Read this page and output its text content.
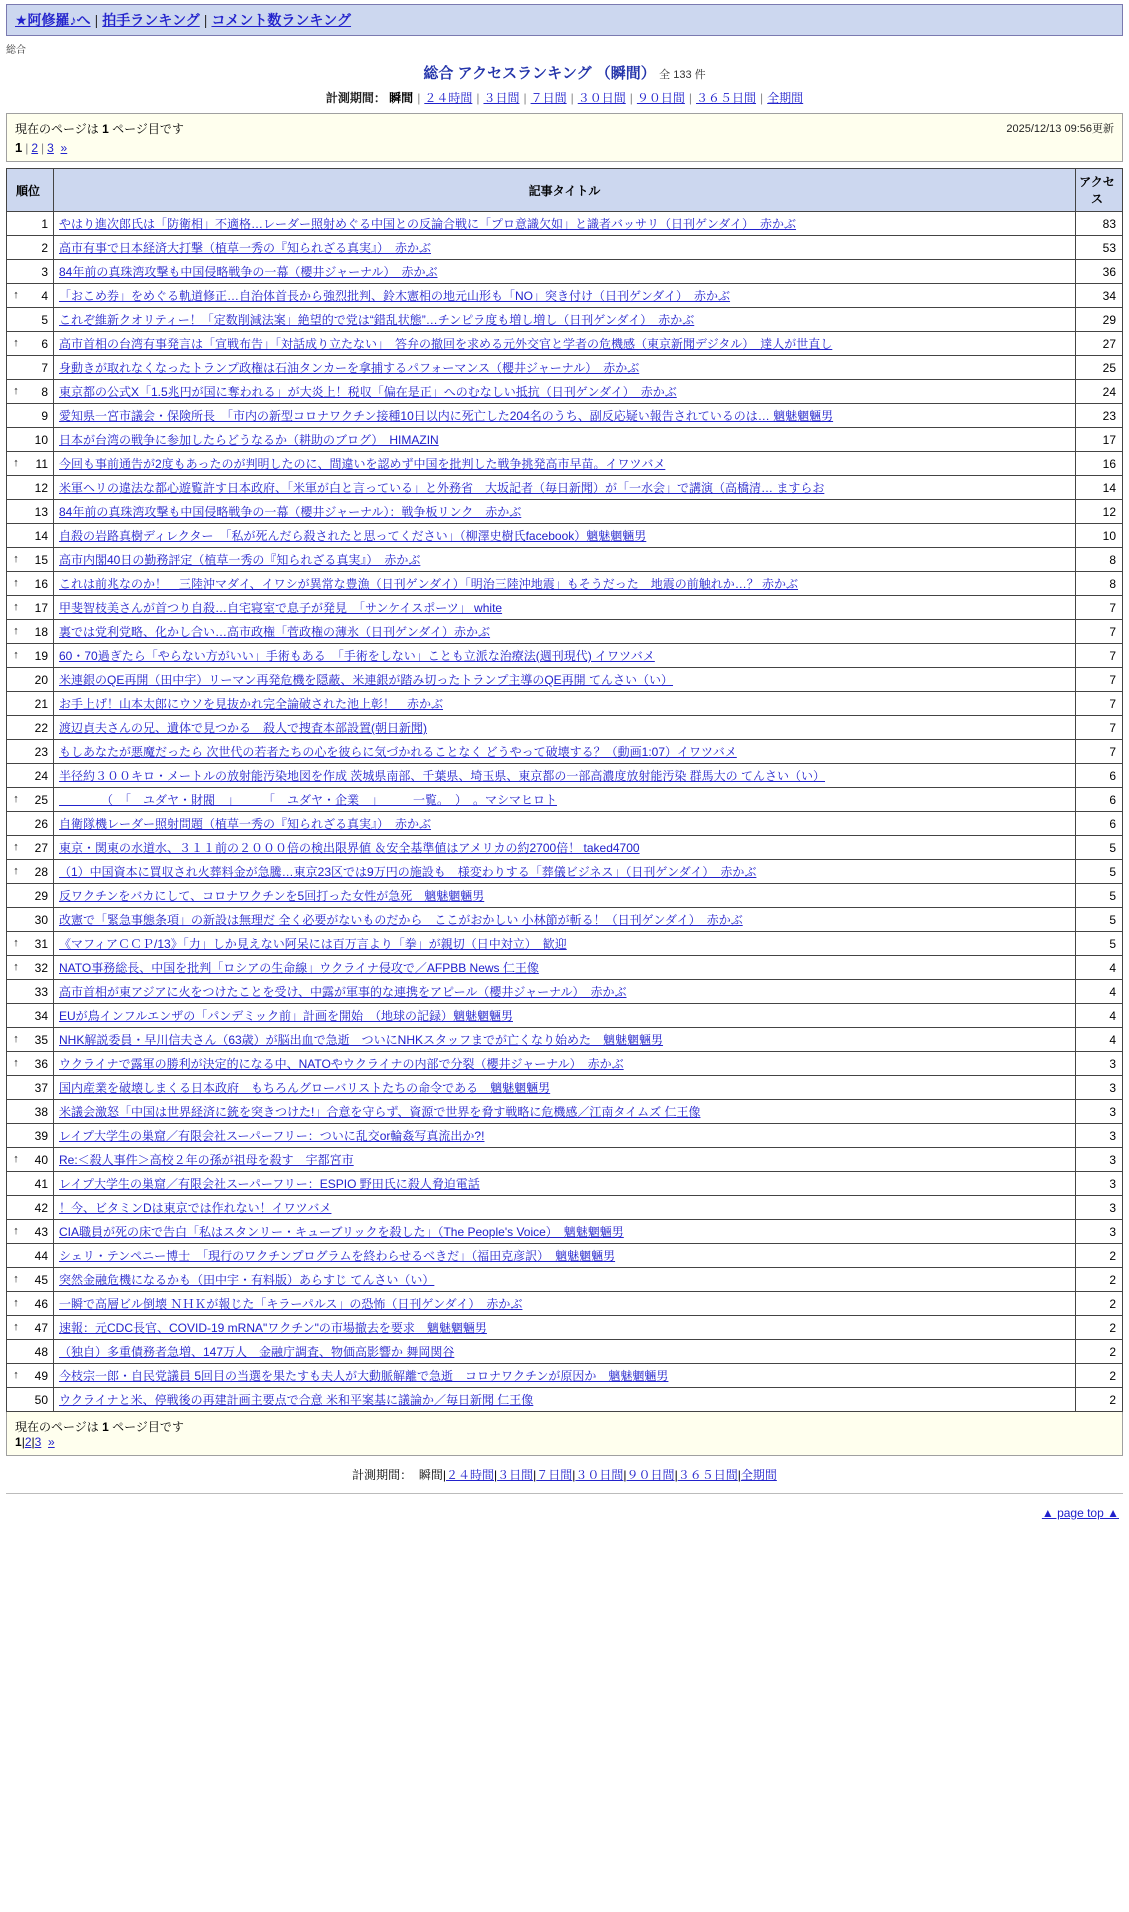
★阿修羅♪へ | 拍手ランキング | コメント数ランキング
総合
総合 アクセスランキング （瞬間） 全 133 件
計測期間： 瞬間 | ２４時間 | ３日間 | ７日間 | ３０日間 | ９０日間 | ３６５日間 | 全期間
2025/12/13 09:56更新
現在のページは 1 ページ目です
1 | 2 | 3 »
順位	記事タイトル	アクセス

1	やはり進次郎氏は「防衛相」不適格…レーダー照射めぐる中国との反論合戦に「プロ意識欠如」と識者バッサリ（日刊ゲンダイ）　赤かぶ	83

2	高市有事で日本経済大打撃（植草一秀の『知られざる真実』）　赤かぶ	53

3	84年前の真珠湾攻撃も中国侵略戦争の一幕（櫻井ジャーナル）　赤かぶ	36

↑ 4	「おこめ券」をめぐる軌道修正…自治体首長から強烈批判、鈴木憲相の地元山形も「NO」突き付け（日刊ゲンダイ）　赤かぶ	34

5	これぞ維新クオリティー！「定数削減法案」絶望的で党は“錯乱状態”…チンピラ度も増し増し（日刊ゲンダイ）　赤かぶ	29

↑ 6	高市首相の台湾有事発言は「宣戦布告」「対話成り立たない」　答弁の撤回を求める元外交官と学者の危機感（東京新聞デジタル）　達人が世直し	27

7	身動きが取れなくなったトランプ政権は石油タンカーを拿捕するパフォーマンス（櫻井ジャーナル）　赤かぶ	25

↑ 8	東京都の公式X「1.5兆円が国に奪われる」が大炎上！税収「偏在是正」へのむなしい抵抗（日刊ゲンダイ）　赤かぶ	24

9	愛知県一宮市議会・保険所長　「市内の新型コロナワクチン接種10日以内に死亡した204名のうち、副反応疑い報告されているのは… 魑魅魍魎男	23

10	日本が台湾の戦争に参加したらどうなるか（耕助のブログ）　HIMAZIN	17

↑ 11	今回も事前通告が2度もあったのが判明したのに、間違いを認めず中国を批判した戦争挑発高市早苗。イワツバメ	16

12	米軍ヘリの違法な都心遊覧許す日本政府、「米軍が白と言っている」と外務省　大坂記者（毎日新聞）が「一水会」で講演（高橋清… ますらお	14

13	84年前の真珠湾攻撃も中国侵略戦争の一幕（櫻井ジャーナル）：戦争板リンク　赤かぶ	12

14	自殺の岩路真樹ディレクター　「私が死んだら殺されたと思ってください」（柳澤史樹氏facebook）魑魅魍魎男	10

↑ 15	高市内閣40日の勤務評定（植草一秀の『知られざる真実』）　赤かぶ	8

↑ 16	これは前兆なのか！　三陸沖マダイ、イワシが異常な豊漁（日刊ゲンダイ）「明治三陸沖地震」もそうだった　地震の前触れか…？ 赤かぶ	8

↑ 17	甲斐智枝美さんが首つり自殺…自宅寝室で息子が発見　「サンケイスポーツ」 white	7

↑ 18	裏では党利党略、化かし合い…高市政権「菅政権の薄氷（日刊ゲンダイ）赤かぶ	7

↑ 19	60・70過ぎたら「やらない方がいい」手術もある　「手術をしない」ことも立派な治療法(週刊現代) イワツバメ	7

20	米連銀のQE再開（田中宇）リーマン再発危機を隠蔽、米連銀が踏み切ったトランプ主導のQE再開 てんさい（い）	7

21	お手上げ！山本太郎にウソを見抜かれ完全論破された池上彰！　赤かぶ	7

22	渡辺貞夫さんの兄、遺体で見つかる　殺人で捜査本部設置(朝日新聞)	7

23	もしあなたが悪魔だったら 次世代の若者たちの心を彼らに気づかれることなく どうやって破壊する？（動画1:07）イワツバメ	7

24	半径約３００キロ・メートルの放射能汚染地図を作成 茨城県南部、千葉県、埼玉県、東京都の一部高濃度放射能汚染 群馬大の てんさい（い）	6

↑ 25	　　　　（　「　ユダヤ・財閥　」　　　「　ユダヤ・企業　」　　　一覧。　）　。マシマヒロト	6

26	自衛隊機レーダー照射問題（植草一秀の『知られざる真実』）　赤かぶ	6

↑ 27	東京・関東の水道水、３１１前の２０００倍の検出限界値 ＆安全基準値はアメリカの約2700倍！ taked4700	5

↑ 28	（1）中国資本に買収され火葬料金が急騰…東京23区では9万円の施設も　様変わりする「葬儀ビジネス」（日刊ゲンダイ）　赤かぶ	5

29	反ワクチンをバカにして、コロナワクチンを5回打った女性が急死　魑魅魍魎男	5

30	改憲で「緊急事態条項」の新設は無理だ 全く必要がないものだから　ここがおかしい 小林節が斬る！（日刊ゲンダイ）　赤かぶ	5

↑ 31	《マフィアＣＣＰ/13》「力」しか見えない阿呆には百万言より「拳」が親切（日中対立）　歓迎	5

↑ 32	NATO事務総長、中国を批判「ロシアの生命線」ウクライナ侵攻で／AFPBB News 仁王像	4

33	高市首相が東アジアに火をつけたことを受け、中露が軍事的な連携をアピール（櫻井ジャーナル）　赤かぶ	4

34	EUが鳥インフルエンザの「パンデミック前」計画を開始　（地球の記録）魑魅魍魎男	4

↑ 35	NHK解説委員・早川信夫さん（63歳）が脳出血で急逝　ついにNHKスタッフまでが亡くなり始めた　魑魅魍魎男	4

↑ 36	ウクライナで露軍の勝利が決定的になる中、NATOやウクライナの内部で分裂（櫻井ジャーナル）　赤かぶ	3

37	国内産業を破壊しまくる日本政府　もちろんグローバリストたちの命令である　魑魅魍魎男	3

38	米議会激怒「中国は世界経済に銃を突きつけた!」合意を守らず、資源で世界を脅す戦略に危機感／江南タイムズ 仁王像	3

39	レイプ大学生の巣窟／有限会社スーパーフリー：ついに乱交or輪姦写真流出か?!	3

↑ 40	Re:＜殺人事件＞高校２年の孫が祖母を殺す　宇都宮市	3

41	レイプ大学生の巣窟／有限会社スーパーフリー：ESPIO 野田氏に殺人脅迫電話	3

42	！今、ビタミンDは東京では作れない！イワツバメ	3

↑ 43	CIA職員が死の床で告白「私はスタンリー・キューブリックを殺した」（The People's Voice）　魑魅魍魎男	3

44	シェリ・テンペニー博士　「現行のワクチンプログラムを終わらせるべきだ」（福田克彦訳）　魑魅魍魎男	2

↑ 45	突然金融危機になるかも（田中宇・有料版）あらすじ てんさい（い）	2

↑ 46	一瞬で高層ビル倒壊 ＮＨＫが報じた「キラーパルス」の恐怖（日刊ゲンダイ）　赤かぶ	2

↑ 47	速報：元CDC長官、COVID-19 mRNA"ワクチン"の市場撤去を要求　魑魅魍魎男	2

48	（独自）多重債務者急増、147万人　金融庁調査、物価高影響か 舞岡関谷	2

↑ 49	今枝宗一郎・自民党議員 5回目の当選を果たすも夫人が大動脈解離で急逝　コロナワクチンが原因か　魑魅魍魎男	2

50	ウクライナと米、停戦後の再建計画主要点で合意 米和平案基に議論か／毎日新聞 仁王像	2
現在のページは 1 ページ目です
1|2|3 »
計測期間： 瞬間|２４時間|３日間|７日間|３０日間|９０日間|３６５日間|全期間
▲ page top ▲
